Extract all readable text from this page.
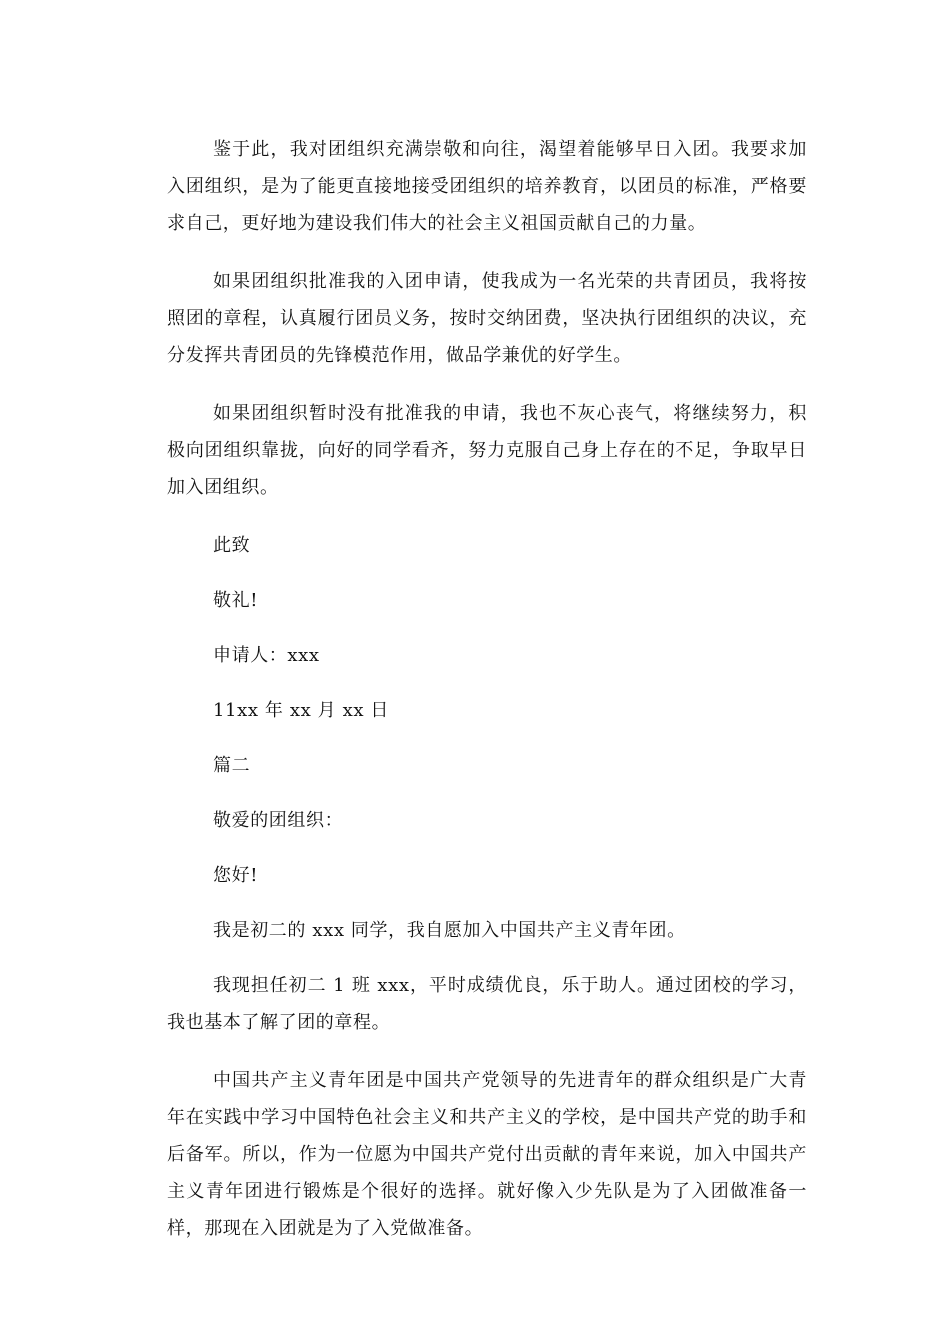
鉴于此，我对团组织充满崇敬和向往，渴望着能够早日入团。我要求加入团组织，是为了能更直接地接受团组织的培养教育，以团员的标准，严格要求自己，更好地为建设我们伟大的社会主义祖国贡献自己的力量。

如果团组织批准我的入团申请，使我成为一名光荣的共青团员，我将按照团的章程，认真履行团员义务，按时交纳团费，坚决执行团组织的决议，充分发挥共青团员的先锋模范作用，做品学兼优的好学生。

如果团组织暂时没有批准我的申请，我也不灰心丧气，将继续努力，积极向团组织靠拢，向好的同学看齐，努力克服自己身上存在的不足，争取早日加入团组织。

此致

敬礼!

申请人：xxx

11xx 年 xx 月 xx 日

篇二

敬爱的团组织：

您好!

我是初二的 xxx 同学，我自愿加入中国共产主义青年团。

我现担任初二 1 班 xxx，平时成绩优良，乐于助人。通过团校的学习，我也基本了解了团的章程。

中国共产主义青年团是中国共产党领导的先进青年的群众组织是广大青年在实践中学习中国特色社会主义和共产主义的学校，是中国共产党的助手和后备军。所以，作为一位愿为中国共产党付出贡献的青年来说，加入中国共产主义青年团进行锻炼是个很好的选择。就好像入少先队是为了入团做准备一样，那现在入团就是为了入党做准备。
